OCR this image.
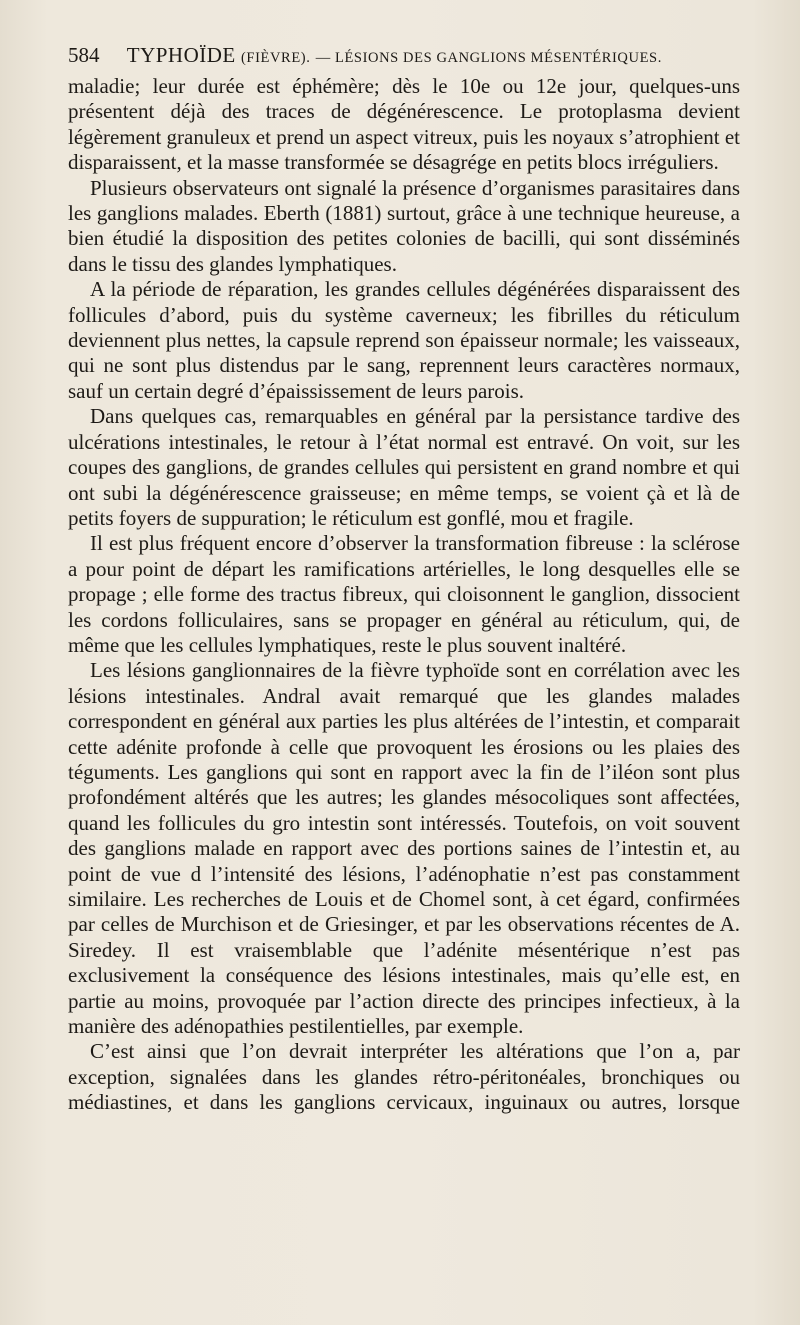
584 TYPHOÏDE (FIÈVRE). — LÉSIONS DES GANGLIONS MÉSENTÉRIQUES.

maladie; leur durée est éphémère; dès le 10e ou 12e jour, quelques-uns présentent déjà des traces de dégénérescence. Le protoplasma devient légèrement granuleux et prend un aspect vitreux, puis les noyaux s’atrophient et disparaissent, et la masse transformée se désagrége en petits blocs irréguliers.

Plusieurs observateurs ont signalé la présence d’organismes parasitaires dans les ganglions malades. Eberth (1881) surtout, grâce à une technique heureuse, a bien étudié la disposition des petites colonies de bacilli, qui sont disséminés dans le tissu des glandes lymphatiques.

A la période de réparation, les grandes cellules dégénérées disparaissent des follicules d’abord, puis du système caverneux; les fibrilles du réticulum deviennent plus nettes, la capsule reprend son épaisseur normale; les vaisseaux, qui ne sont plus distendus par le sang, reprennent leurs caractères normaux, sauf un certain degré d’épaississement de leurs parois.

Dans quelques cas, remarquables en général par la persistance tardive des ulcérations intestinales, le retour à l’état normal est entravé. On voit, sur les coupes des ganglions, de grandes cellules qui persistent en grand nombre et qui ont subi la dégénérescence graisseuse; en même temps, se voient çà et là de petits foyers de suppuration; le réticulum est gonflé, mou et fragile.

Il est plus fréquent encore d’observer la transformation fibreuse : la sclérose a pour point de départ les ramifications artérielles, le long desquelles elle se propage ; elle forme des tractus fibreux, qui cloisonnent le ganglion, dissocient les cordons folliculaires, sans se propager en général au réticulum, qui, de même que les cellules lymphatiques, reste le plus souvent inaltéré.

Les lésions ganglionnaires de la fièvre typhoïde sont en corrélation avec les lésions intestinales. Andral avait remarqué que les glandes malades correspondent en général aux parties les plus altérées de l’intestin, et comparait cette adénite profonde à celle que provoquent les érosions ou les plaies des téguments. Les ganglions qui sont en rapport avec la fin de l’iléon sont plus profondément altérés que les autres; les glandes mésocoliques sont affectées, quand les follicules du gro intestin sont intéressés. Toutefois, on voit souvent des ganglions malade en rapport avec des portions saines de l’intestin et, au point de vue d l’intensité des lésions, l’adénophatie n’est pas constamment similaire. Les recherches de Louis et de Chomel sont, à cet égard, confirmées par celles de Murchison et de Griesinger, et par les observations récentes de A. Siredey. Il est vraisemblable que l’adénite mésentérique n’est pas exclusivement la conséquence des lésions intestinales, mais qu’elle est, en partie au moins, provoquée par l’action directe des principes infectieux, à la manière des adénopathies pestilentielles, par exemple.

C’est ainsi que l’on devrait interpréter les altérations que l’on a, par exception, signalées dans les glandes rétro-péritonéales, bronchiques ou médiastines, et dans les ganglions cervicaux, inguinaux ou autres, lorsque
